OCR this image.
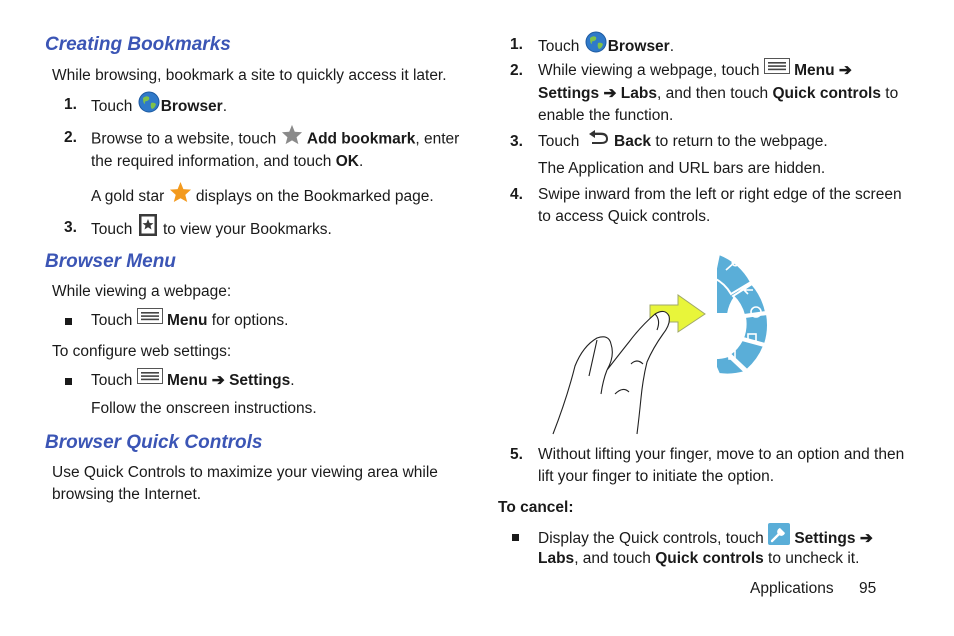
Creating Bookmarks
While browsing, bookmark a site to quickly access it later.
1. Touch Browser.
2. Browse to a website, touch Add bookmark, enter
the required information, and touch OK.
A gold star displays on the Bookmarked page.
3. Touch to view your Bookmarks.
Browser Menu
While viewing a webpage:
Touch Menu for options.
To configure web settings:
Touch Menu ➔ Settings.
Follow the onscreen instructions.
Browser Quick Controls
Use Quick Controls to maximize your viewing area while
browsing the Internet.
1. Touch Browser.
2. While viewing a webpage, touch Menu ➔
Settings ➔ Labs, and then touch Quick controls to
enable the function.
3. Touch Back to return to the webpage.
The Application and URL bars are hidden.
4. Swipe inward from the left or right edge of the screen
to access Quick controls.
5. Without lifting your finger, move to an option and then
lift your finger to initiate the option.
To cancel:
Display the Quick controls, touch Settings ➔
Labs, and touch Quick controls to uncheck it.
Applications 95
